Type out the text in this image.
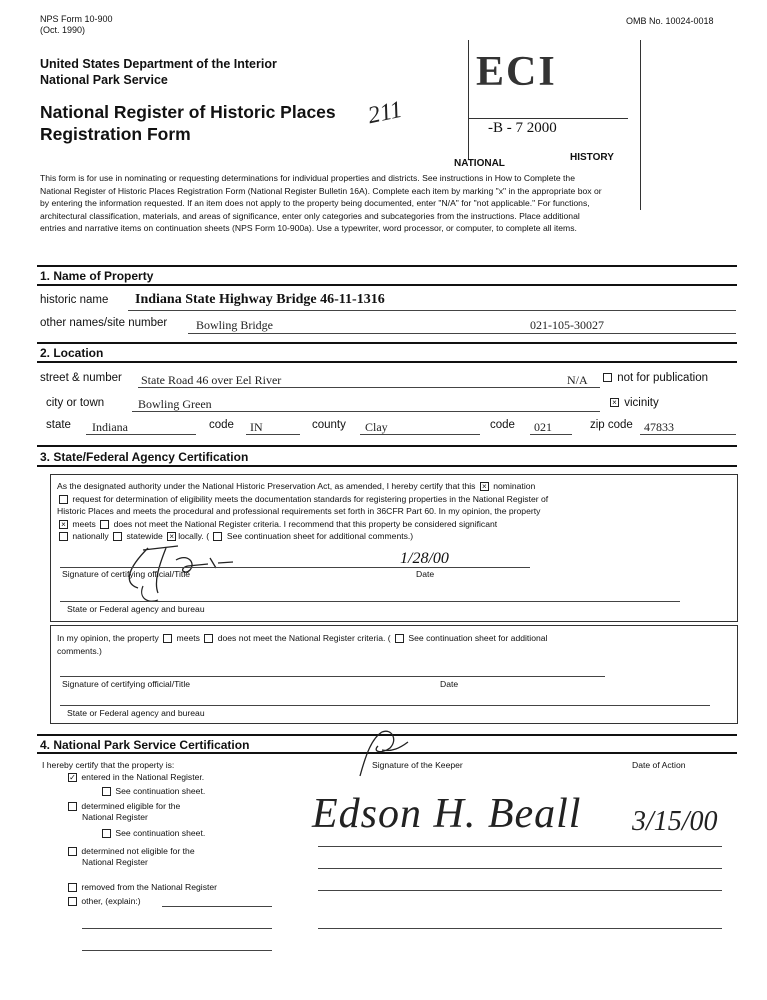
NPS Form 10-900
(Oct. 1990)
OMB No. 10024-0018
United States Department of the Interior
National Park Service
National Register of Historic Places
Registration Form
211
ECI
-B - 7 2000
NATIONAL
HISTORY
This form is for use in nominating or requesting determinations for individual properties and districts. See instructions in How to Complete the
National Register of Historic Places Registration Form (National Register Bulletin 16A). Complete each item by marking "x" in the appropriate box or
by entering the information requested. If an item does not apply to the property being documented, enter "N/A" for "not applicable." For functions,
architectural classification, materials, and areas of significance, enter only categories and subcategories from the instructions. Place additional
entries and narrative items on continuation sheets (NPS Form 10-900a). Use a typewriter, word processor, or computer, to complete all items.
1. Name of Property
historic name Indiana State Highway Bridge 46-11-1316
other names/site number Bowling Bridge	021-105-30027
2. Location
street & number State Road 46 over Eel River	N/A	not for publication
city or town	Bowling Green	× vicinity
state Indiana	code IN	county Clay	code 021	zip code 47833
3. State/Federal Agency Certification
As the designated authority under the National Historic Preservation Act, as amended, I hereby certify that this × nomination
request for determination of eligibility meets the documentation standards for registering properties in the National Register of
Historic Places and meets the procedural and professional requirements set forth in 36CFR Part 60. In my opinion, the property
× meets does not meet the National Register criteria. I recommend that this property be considered significant
nationally statewide × locally. ( See continuation sheet for additional comments.)
1/28/00
Signature of certifying official/Title	Date
State or Federal agency and bureau
In my opinion, the property meets does not meet the National Register criteria. ( See continuation sheet for additional
comments.)
Signature of certifying official/Title	Date
State or Federal agency and bureau
4. National Park Service Certification
I hereby certify that the property is:
✓ entered in the National Register.
See continuation sheet.
determined eligible for the
National Register
See continuation sheet.
determined not eligible for the
National Register
removed from the National Register
other, (explain:)
Signature of the Keeper	Date of Action
Edson H. Beall 3/15/00
